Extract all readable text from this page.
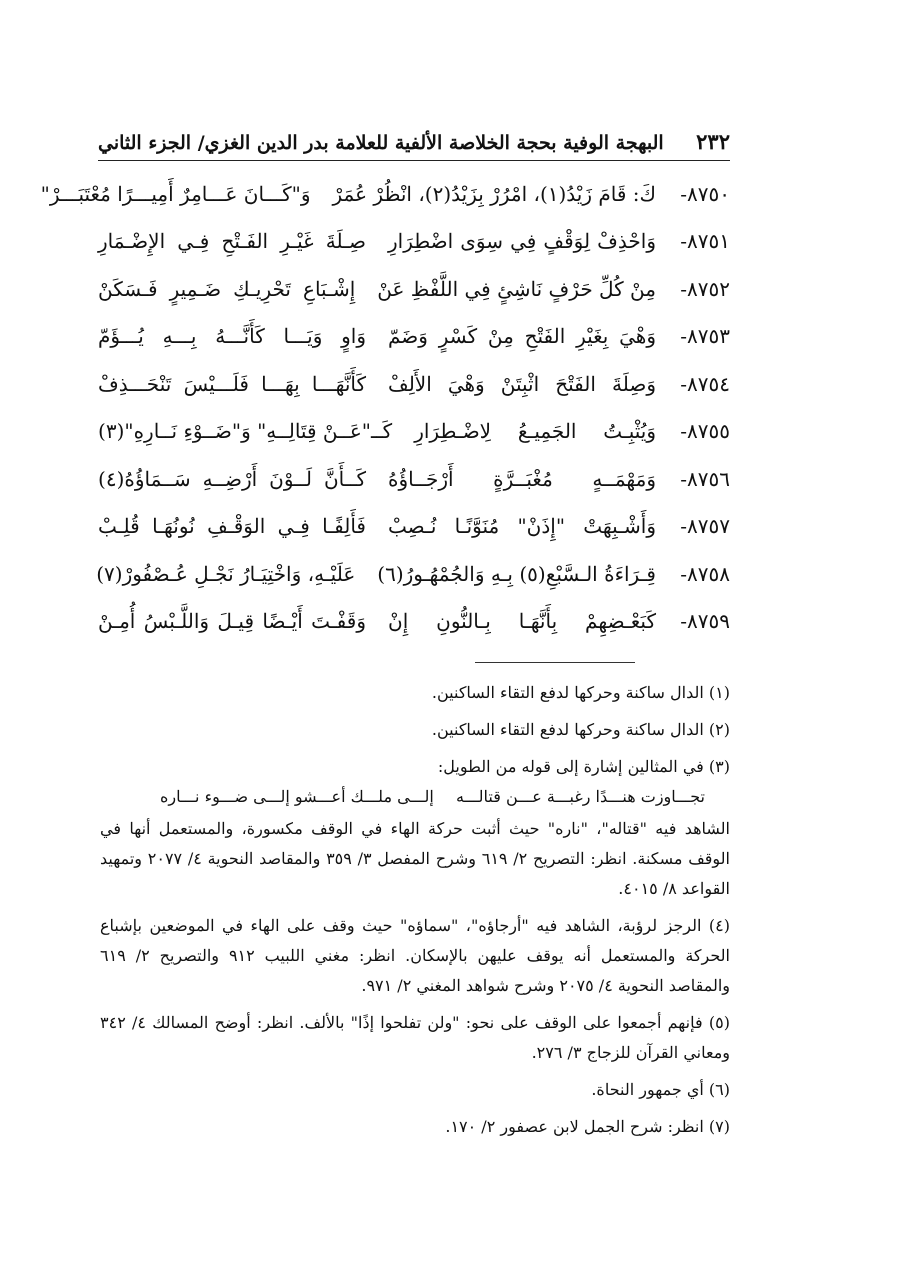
٢٣٢
البهجة الوفية بحجة الخلاصة الألفية للعلامة بدر الدين الغزي/ الجزء الثاني
٨٧٥٠-
كَ: قَامَ زَيْدُ(١)، امْرُرْ بِزَيْدُ(٢)، انْظُرْ عُمَرْ
وَ"كَـــانَ عَـــامِرٌ أَمِيـــرًا مُعْتَبَـــرْ"
٨٧٥١-
وَاحْذِفْ لِوَقْفٍ فِي سِوَى اضْطِرَارِ
صِـلَةَ غَيْـرِ الفَـتْحِ فِـي الإِضْـمَارِ
٨٧٥٢-
مِنْ كُلِّ حَرْفٍ نَاشِئٍ فِي اللَّفْظِ عَنْ
إِشْـبَاعِ تَحْرِيـكِ ضَـمِيرٍ فَـسَكَنْ
٨٧٥٣-
وَهْيَ بِغَيْرِ الفَتْحِ مِنْ كَسْرٍ وَضَمّ
وَاوٍ وَيَـــا كَأَنَّـــهُ بِـــهِ يُـــؤَمّ
٨٧٥٤-
وَصِلَةَ الفَتْحَ اثْبِتَنْ وَهْيَ الأَلِفْ
كَأَنَّهَـــا بِهَـــا فَلَـــيْسَ تَنْحَـــذِفْ
٨٧٥٥-
وَيُثْبِـتُ الجَمِيـعُ لِاضْـطِرَارِ
كَــ"عَــنْ قِتَالِــهِ" وَ"ضَــوْءِ نَــارِهِ"(٣)
٨٧٥٦-
وَمَهْمَــهٍ مُغْبَــرَّةٍ أَرْجَــاؤُهُ
كَــأَنَّ لَــوْنَ أَرْضِــهِ سَــمَاؤُهُ(٤)
٨٧٥٧-
وَأَشْـبِهَتْ "إِذَنْ" مُنَوَّنًـا نُـصِبْ
فَأَلِفًـا فِـي الوَقْـفِ نُونُهَـا قُلِـبْ
٨٧٥٨-
قِـرَاءَةُ الـسَّبْعِ(٥) بِـهِ وَالجُمْهُـورُ(٦)
عَلَيْـهِ، وَاخْتِيَـارُ نَجْـلِ عُـصْفُورْ(٧)
٨٧٥٩-
كَبَعْـضِهِمْ بِأَنَّهَـا بِـالنُّونِ إِنْ
وَقَفْـتَ أَيْـضًا قِيـلَ وَاللَّـبْسُ أُمِـنْ

(١) الدال ساكنة وحركها لدفع التقاء الساكنين.

(٢) الدال ساكنة وحركها لدفع التقاء الساكنين.

(٣) في المثالين إشارة إلى قوله من الطويل:
تجـــاوزت هنـــدًا رغبـــة عـــن قتالـــه
إلـــى ملـــك أعـــشو إلـــى ضـــوء نـــاره
الشاهد فيه "قتاله"، "ناره" حيث أثبت حركة الهاء في الوقف مكسورة، والمستعمل أنها في الوقف مسكنة. انظر: التصريح ٢/ ٦١٩ وشرح المفصل ٣/ ٣٥٩ والمقاصد النحوية ٤/ ٢٠٧٧ وتمهيد القواعد ٨/ ٤٠١٥.

(٤) الرجز لرؤبة، الشاهد فيه "أرجاؤه"، "سماؤه" حيث وقف على الهاء في الموضعين بإشباع الحركة والمستعمل أنه يوقف عليهن بالإسكان. انظر: مغني اللبيب ٩١٢ والتصريح ٢/ ٦١٩ والمقاصد النحوية ٤/ ٢٠٧٥ وشرح شواهد المغني ٢/ ٩٧١.

(٥) فإنهم أجمعوا على الوقف على نحو: "ولن تفلحوا إذًا" بالألف. انظر: أوضح المسالك ٤/ ٣٤٢ ومعاني القرآن للزجاج ٣/ ٢٧٦.

(٦) أي جمهور النحاة.

(٧) انظر: شرح الجمل لابن عصفور ٢/ ١٧٠.
